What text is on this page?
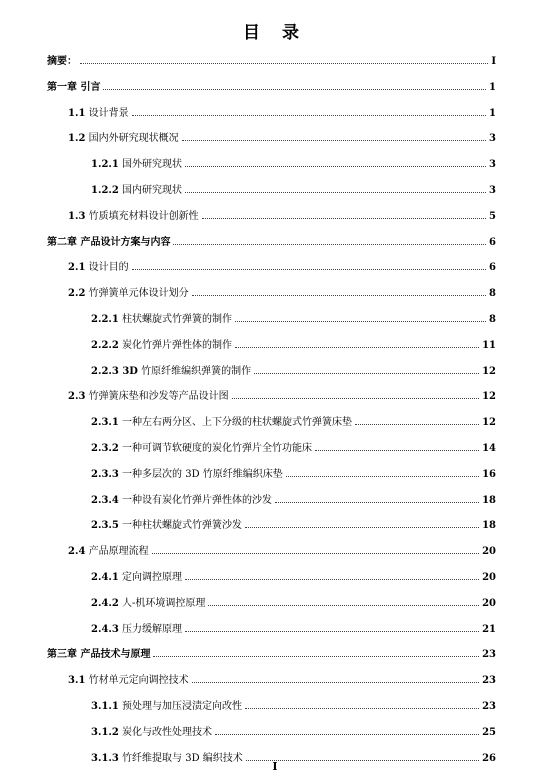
目 录
摘要：	I
第一章 引言	1
1.1 设计背景	1
1.2 国内外研究现状概况	3
1.2.1 国外研究现状	3
1.2.2 国内研究现状	3
1.3 竹质填充材料设计创新性	5
第二章 产品设计方案与内容	6
2.1 设计目的	6
2.2 竹弹簧单元体设计划分	8
2.2.1 柱状螺旋式竹弹簧的制作	8
2.2.2 炭化竹弹片弹性体的制作	11
2.2.3 3D 竹原纤维编织弹簧的制作	12
2.3 竹弹簧床垫和沙发等产品设计图	12
2.3.1 一种左右两分区、上下分级的柱状螺旋式竹弹簧床垫	12
2.3.2 一种可调节软硬度的炭化竹弹片全竹功能床	14
2.3.3 一种多层次的 3D 竹原纤维编织床垫	16
2.3.4 一种设有炭化竹弹片弹性体的沙发	18
2.3.5 一种柱状螺旋式竹弹簧沙发	18
2.4 产品原理流程	20
2.4.1 定向调控原理	20
2.4.2 人-机环境调控原理	20
2.4.3 压力缓解原理	21
第三章 产品技术与原理	23
3.1 竹材单元定向调控技术	23
3.1.1 预处理与加压浸渍定向改性	23
3.1.2 炭化与改性处理技术	25
3.1.3 竹纤维提取与 3D 编织技术	26
I
